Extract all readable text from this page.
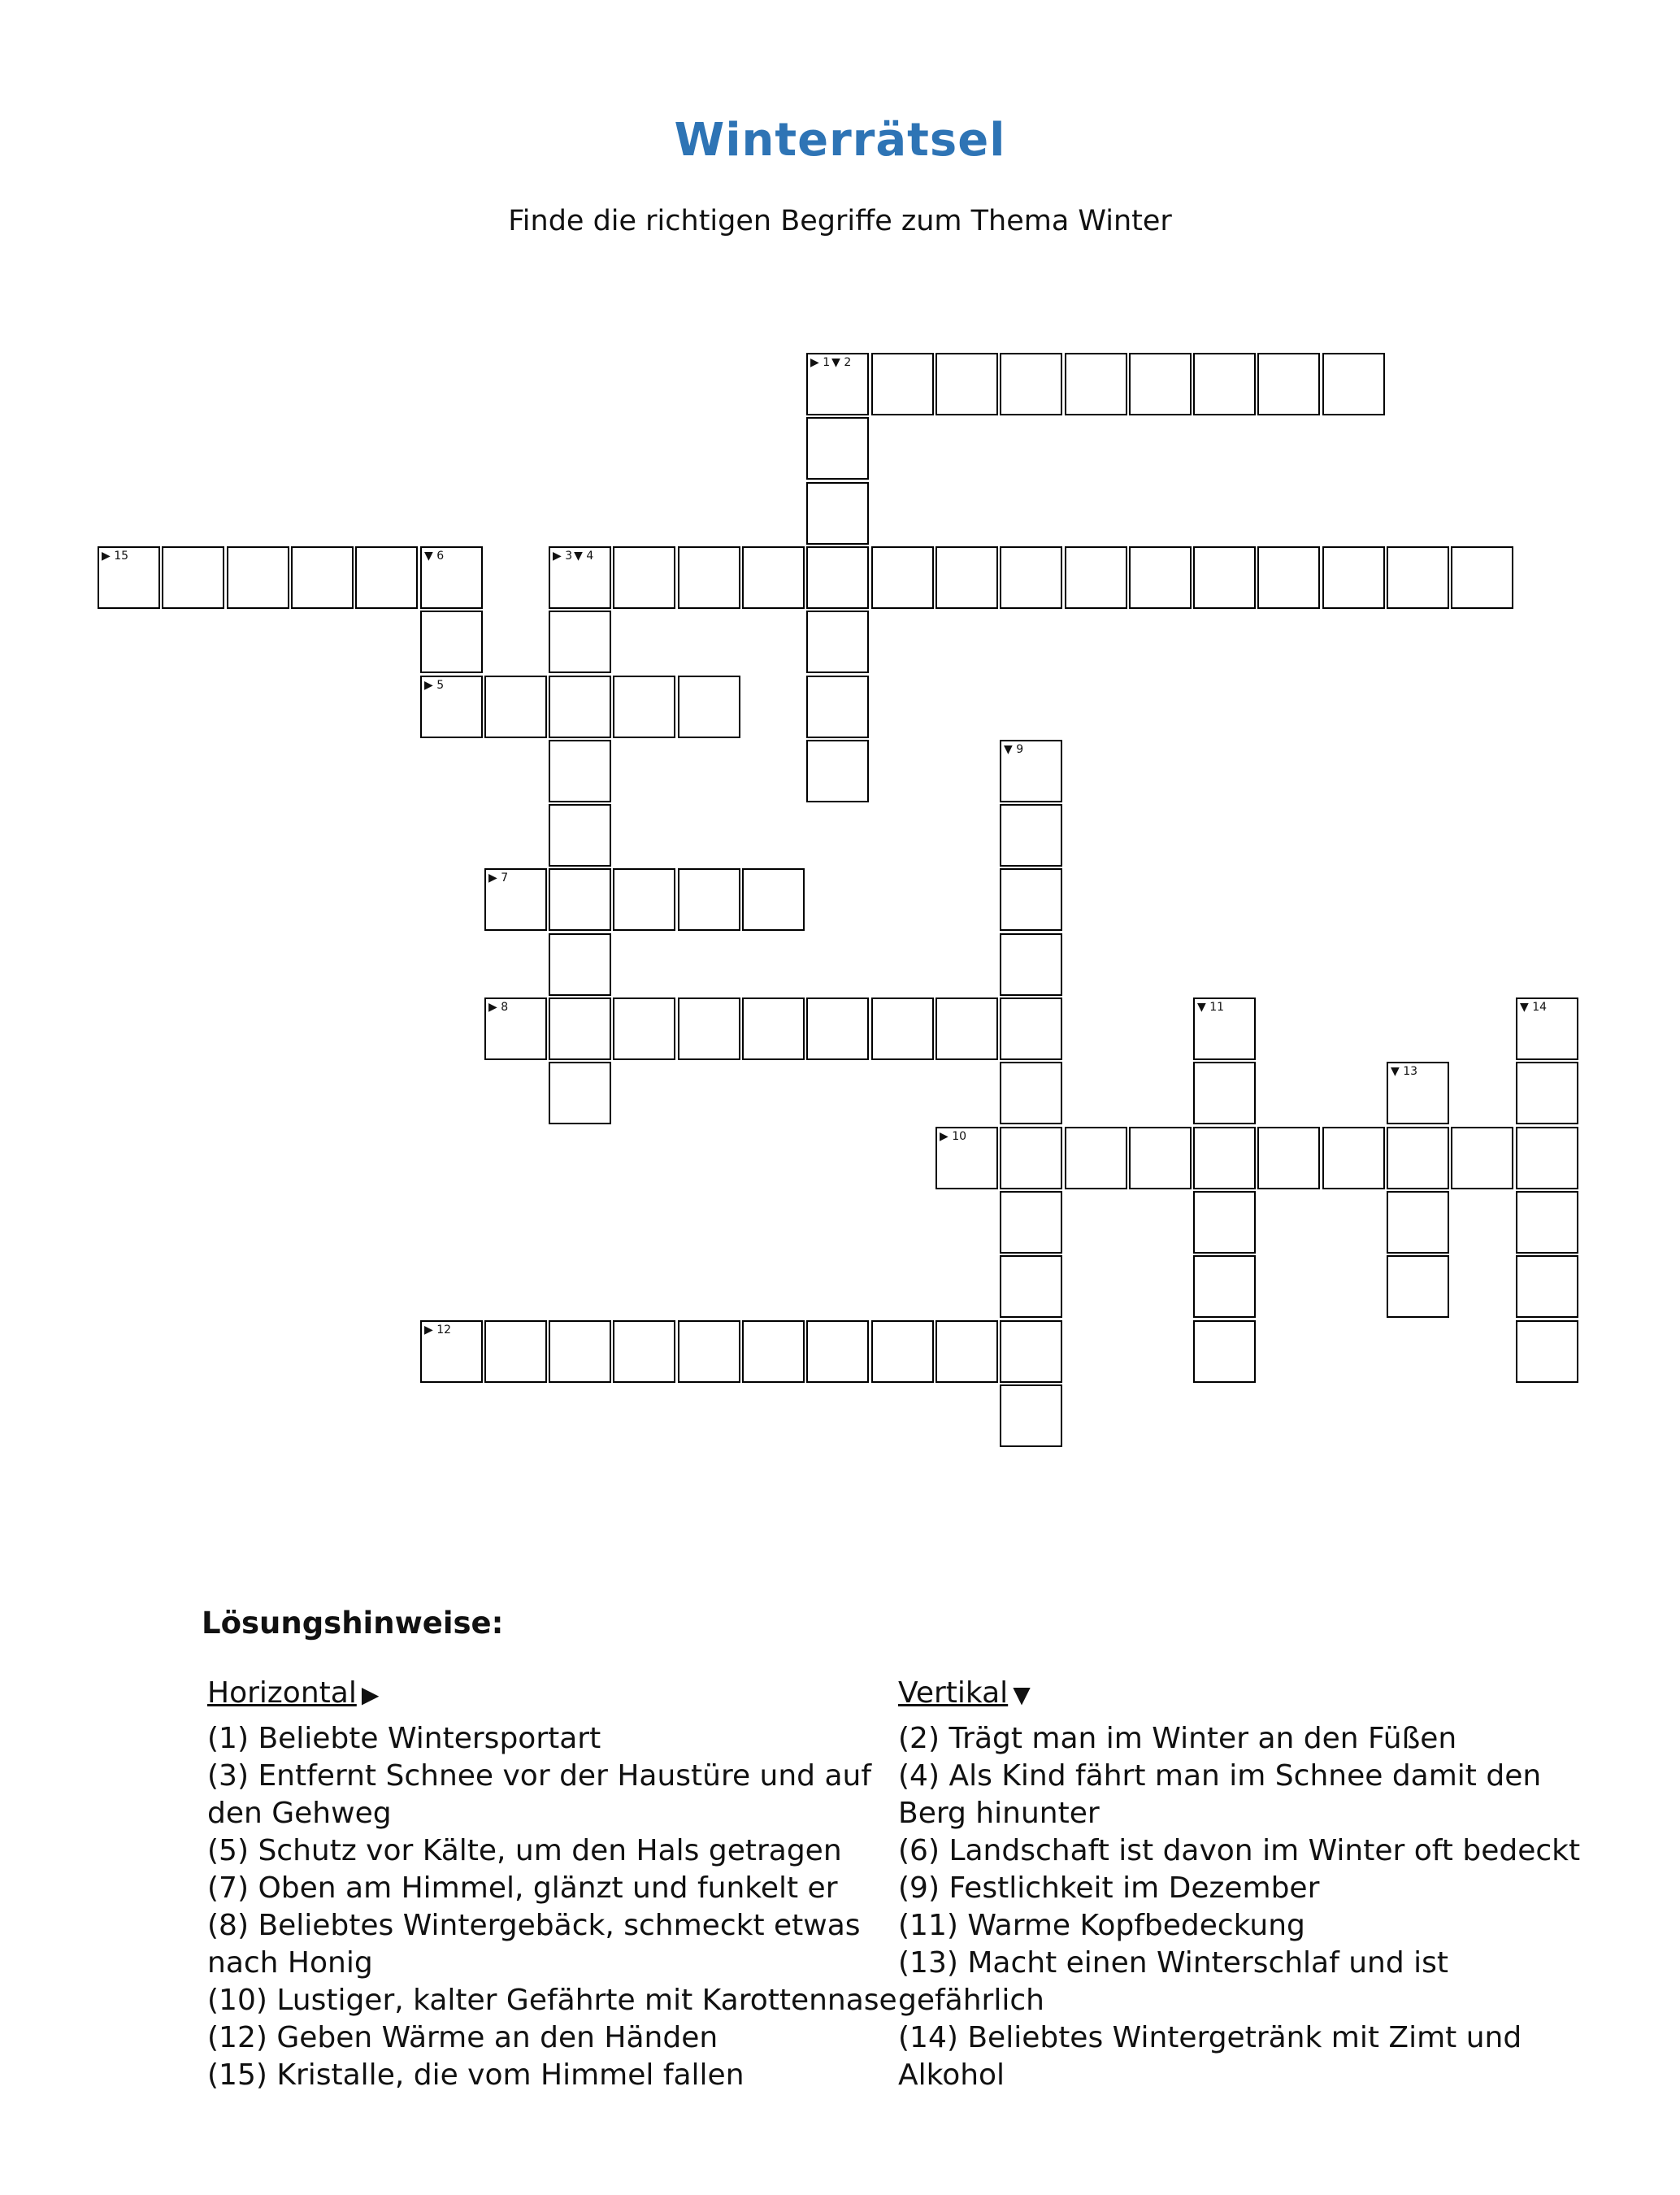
Winterrätsel
Finde die richtigen Begriffe zum Thema Winter
▶ 1 ▼ 2
▶ 3 ▼ 4
▶ 5
▼ 6
▶ 7
▶ 8
▼ 9
▶ 10
▼ 11
▶ 12
▼ 13
▼ 14
▶ 15
Lösungshinweise:
Horizontal ▶
(1) Beliebte Wintersportart
(3) Entfernt Schnee vor der Haustüre und auf den Gehweg
(5) Schutz vor Kälte, um den Hals getragen
(7) Oben am Himmel, glänzt und funkelt er
(8) Beliebtes Wintergebäck, schmeckt etwas nach Honig
(10) Lustiger, kalter Gefährte mit Karottennase
(12) Geben Wärme an den Händen
(15) Kristalle, die vom Himmel fallen
Vertikal ▼
(2) Trägt man im Winter an den Füßen
(4) Als Kind fährt man im Schnee damit den Berg hinunter
(6) Landschaft ist davon im Winter oft bedeckt
(9) Festlichkeit im Dezember
(11) Warme Kopfbedeckung
(13) Macht einen Winterschlaf und ist gefährlich
(14) Beliebtes Wintergetränk mit Zimt und Alkohol
